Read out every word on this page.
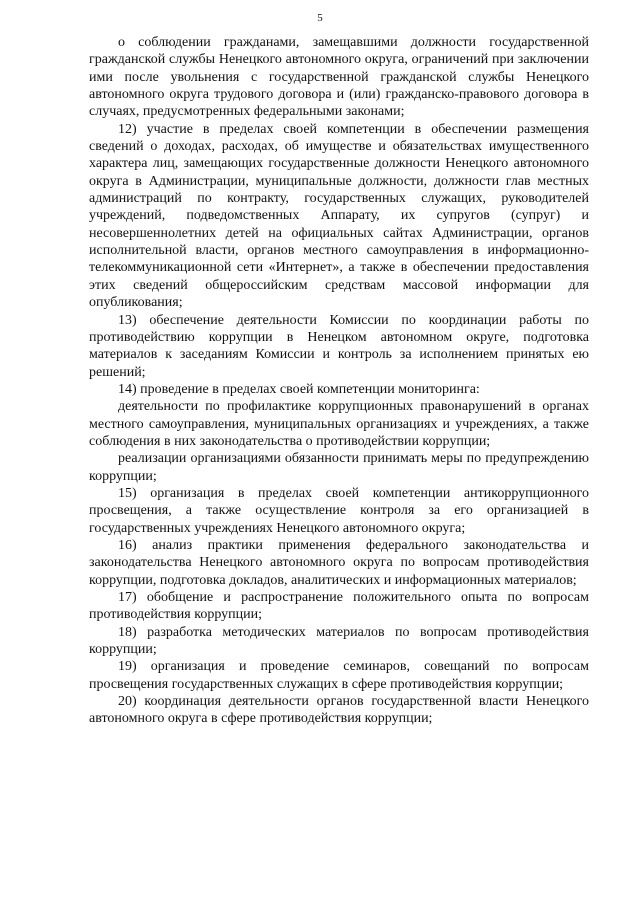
5

о соблюдении гражданами, замещавшими должности государственной гражданской службы Ненецкого автономного округа, ограничений при заключении ими после увольнения с государственной гражданской службы Ненецкого автономного округа трудового договора и (или) гражданско-правового договора в случаях, предусмотренных федеральными законами;

12) участие в пределах своей компетенции в обеспечении размещения сведений о доходах, расходах, об имуществе и обязательствах имущественного характера лиц, замещающих государственные должности Ненецкого автономного округа в Администрации, муниципальные должности, должности глав местных администраций по контракту, государственных служащих, руководителей учреждений, подведомственных Аппарату, их супругов (супруг) и несовершеннолетних детей на официальных сайтах Администрации, органов исполнительной власти, органов местного самоуправления в информационно-телекоммуникационной сети «Интернет», а также в обеспечении предоставления этих сведений общероссийским средствам массовой информации для опубликования;

13) обеспечение деятельности Комиссии по координации работы по противодействию коррупции в Ненецком автономном округе, подготовка материалов к заседаниям Комиссии и контроль за исполнением принятых ею решений;

14) проведение в пределах своей компетенции мониторинга:

деятельности по профилактике коррупционных правонарушений в органах местного самоуправления, муниципальных организациях и учреждениях, а также соблюдения в них законодательства о противодействии коррупции;

реализации организациями обязанности принимать меры по предупреждению коррупции;

15) организация в пределах своей компетенции антикоррупционного просвещения, а также осуществление контроля за его организацией в государственных учреждениях Ненецкого автономного округа;

16) анализ практики применения федерального законодательства и законодательства Ненецкого автономного округа по вопросам противодействия коррупции, подготовка докладов, аналитических и информационных материалов;

17) обобщение и распространение положительного опыта по вопросам противодействия коррупции;

18) разработка методических материалов по вопросам противодействия коррупции;

19) организация и проведение семинаров, совещаний по вопросам просвещения государственных служащих в сфере противодействия коррупции;

20) координация деятельности органов государственной власти Ненецкого автономного округа в сфере противодействия коррупции;
